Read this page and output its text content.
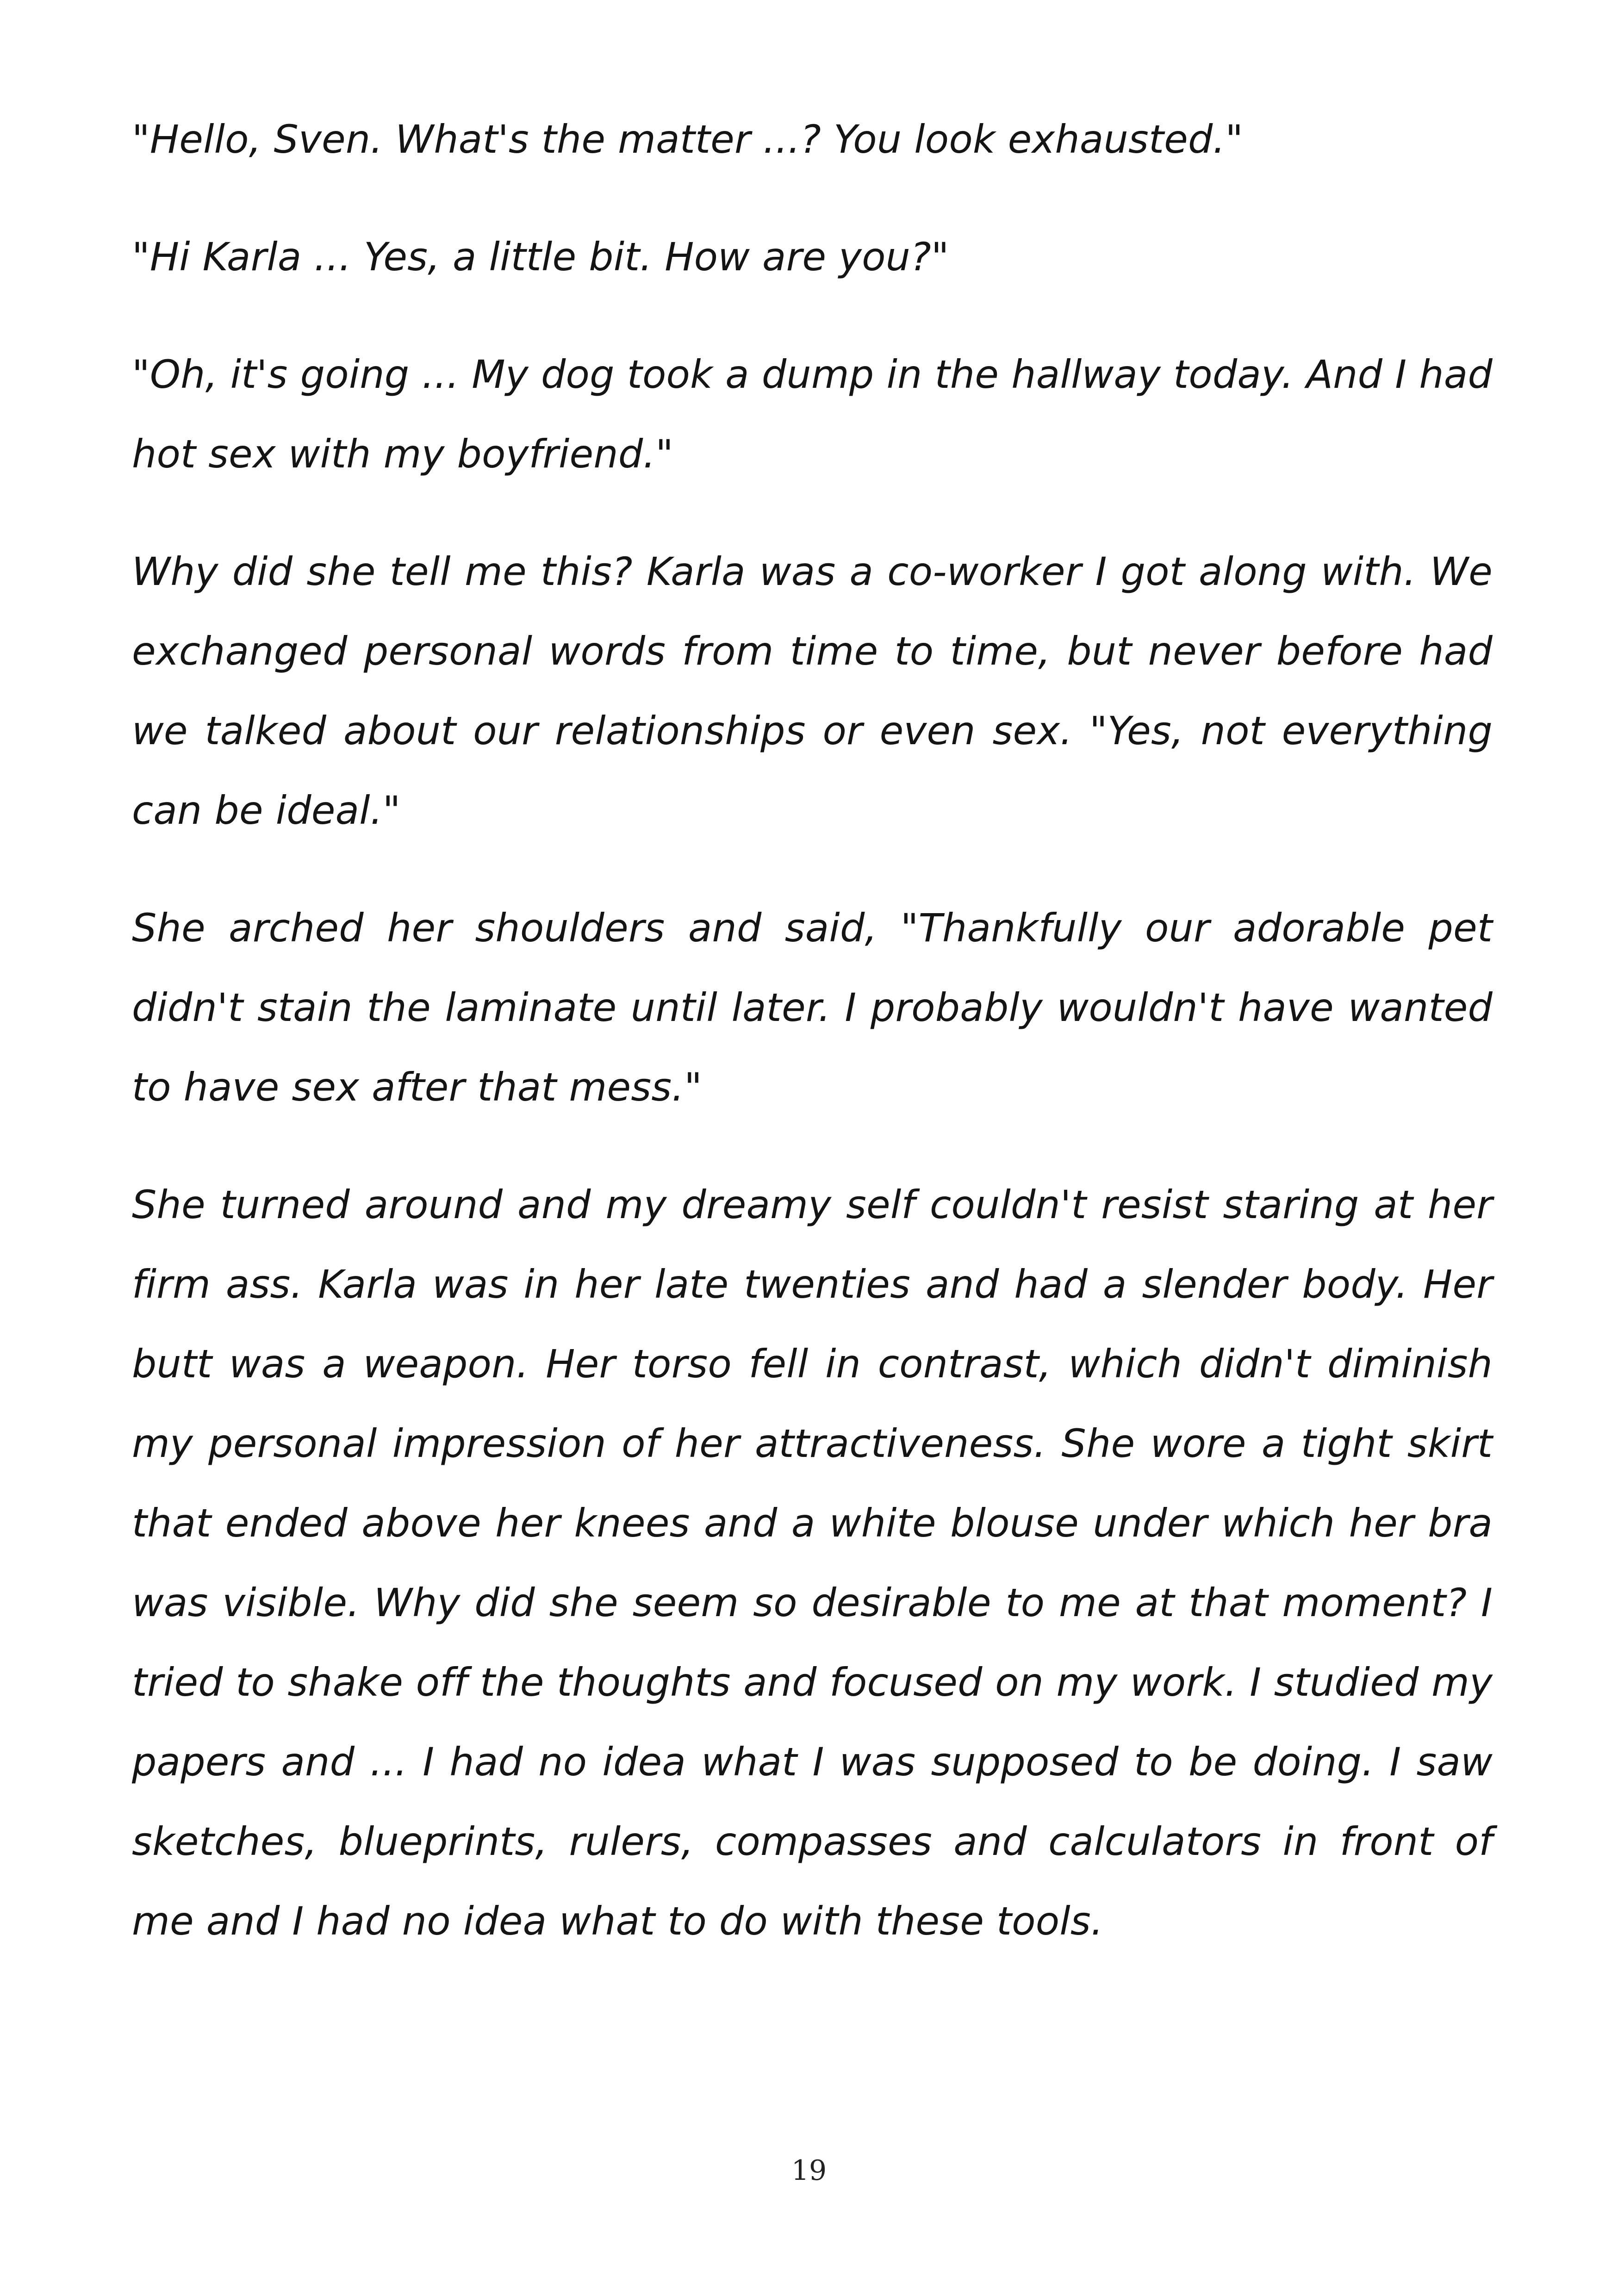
"Hello, Sven. What's the matter ...? You look exhausted."

"Hi Karla ... Yes, a little bit. How are you?"

"Oh, it's going ... My dog took a dump in the hallway today. And I had hot sex with my boyfriend."

Why did she tell me this? Karla was a co-worker I got along with. We exchanged personal words from time to time, but never before had we talked about our relationships or even sex. "Yes, not everything can be ideal."

She arched her shoulders and said, "Thankfully our adorable pet didn't stain the laminate until later. I probably wouldn't have wanted to have sex after that mess."

She turned around and my dreamy self couldn't resist staring at her firm ass. Karla was in her late twenties and had a slender body. Her butt was a weapon. Her torso fell in contrast, which didn't diminish my personal impression of her attractiveness. She wore a tight skirt that ended above her knees and a white blouse under which her bra was visible. Why did she seem so desirable to me at that moment? I tried to shake off the thoughts and focused on my work. I studied my papers and ... I had no idea what I was supposed to be doing. I saw sketches, blueprints, rulers, compasses and calculators in front of me and I had no idea what to do with these tools.

19
